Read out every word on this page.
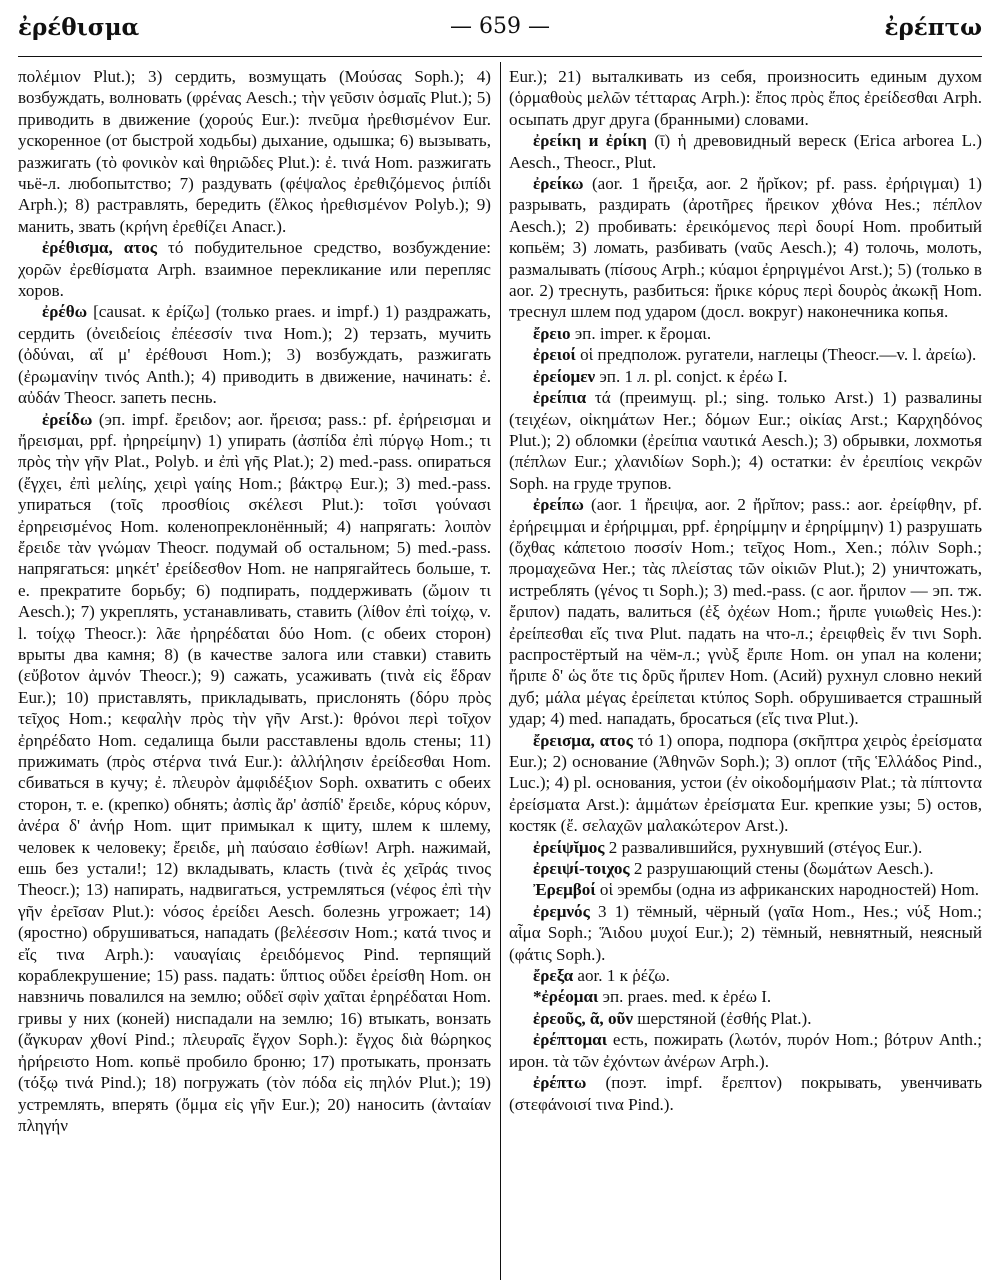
ἐρέθισμα	— 659 —	ἐρέπτω

πολέμιον Plut.); 3) сердить, возмущать (Μούσας Soph.); 4) возбуждать, волновать (φρένας Aesch.; τὴν γεῦσιν ὀσμαῖς Plut.); 5) приводить в движение (χορούς Eur.): πνεῦμα ἠρεθισμένον Eur. ускоренное (от быстрой ходьбы) дыхание, одышка; 6) вызывать, разжигать (τὸ φονικὸν καὶ θηριῶδες Plut.): ἐ. τινά Hom. разжигать чьё-л. любопытство; 7) раздувать (φέψαλος ἐρεθιζόμενος ῥιπίδι Arph.); 8) растравлять, бередить (ἕλκος ἠρεθισμένον Polyb.); 9) манить, звать (κρήνη ἐρεθίζει Anacr.).

ἐρέθισμα, ατος τό побудительное средство, возбуждение: χορῶν ἐρεθίσματα Arph. взаимное перекликание или перепляс хоров.

ἐρέθω [causat. к ἐρίζω] (только praes. и impf.) 1) раздражать, сердить (ὀνειδείοις ἐπέεσσίν τινα Hom.); 2) терзать, мучить (ὀδύναι, αἵ μ' ἐρέθουσι Hom.); 3) возбуждать, разжигать (ἐρωμανίην τινός Anth.); 4) приводить в движение, начинать: ἐ. αὐδάν Theocr. запеть песнь.

ἐρείδω (эп. impf. ἔρειδον; aor. ἤρεισα; pass.: pf. ἐρήρεισμαι и ἤρεισμαι, ppf. ἠρηρείμην) 1) упирать (ἀσπίδα ἐπὶ πύργῳ Hom.; τι πρὸς τὴν γῆν Plat., Polyb. и ἐπὶ γῆς Plat.); 2) med.-pass. опираться (ἔγχει, ἐπὶ μελίης, χειρὶ γαίης Hom.; βάκτρῳ Eur.); 3) med.-pass. упираться (τοῖς προσθίοις σκέλεσι Plut.): τοῖσι γούνασι ἐρηρεισμένος Hom. коленопреклонённый; 4) напрягать: λοιπὸν ἔρειδε τὰν γνώμαν Theocr. подумай об остальном; 5) med.-pass. напрягаться: μηκέτ' ἐρείδεσθον Hom. не напрягайтесь больше, т. е. прекратите борьбу; 6) подпирать, поддерживать (ὤμοιν τι Aesch.); 7) укреплять, устанавливать, ставить (λίθον ἐπὶ τοίχῳ, v. l. τοίχῳ Theocr.): λᾶε ἠρηρέδαται δύο Hom. (с обеих сторон) врыты два камня; 8) (в качестве залога или ставки) ставить (εὔβοτον ἀμνόν Theocr.); 9) сажать, усаживать (τινὰ εἰς ἕδραν Eur.); 10) приставлять, прикладывать, прислонять (δόρυ πρὸς τεῖχος Hom.; κεφαλὴν πρὸς τὴν γῆν Arst.): θρόνοι περὶ τοῖχον ἐρηρέδατο Hom. седалища были расставлены вдоль стены; 11) прижимать (πρὸς στέρνα τινά Eur.): ἀλλήλησιν ἐρείδεσθαι Hom. сбиваться в кучу; ἐ. πλευρὸν ἀμφιδέξιον Soph. охватить с обеих сторон, т. е. (крепко) обнять; ἀσπὶς ἄρ' ἀσπίδ' ἔρειδε, κόρυς κόρυν, ἀνέρα δ' ἀνήρ Hom. щит примыкал к щиту, шлем к шлему, человек к человеку; ἔρειδε, μὴ παύσαιο ἐσθίων! Arph. нажимай, ешь без устали!; 12) вкладывать, класть (τινὰ ἐς χεῖράς τινος Theocr.); 13) напирать, надвигаться, устремляться (νέφος ἐπὶ τὴν γῆν ἐρεῖσαν Plut.): νόσος ἐρείδει Aesch. болезнь угрожает; 14) (яростно) обрушиваться, нападать (βελέεσσιν Hom.; κατά τινος и εἴς τινα Arph.): ναυαγίαις ἐρειδόμενος Pind. терпящий кораблекрушение; 15) pass. падать: ὕπτιος οὔδει ἐρείσθη Hom. он навзничь повалился на землю; οὔδεϊ σφὶν χαῖται ἐρηρέδαται Hom. гривы у них (коней) ниспадали на землю; 16) втыкать, вонзать (ἄγκυραν χθονί Pind.; πλευραῖς ἔγχον Soph.): ἔγχος διὰ θώρηκος ἠρήρειστο Hom. копьё пробило броню; 17) протыкать, пронзать (τόξῳ τινά Pind.); 18) погружать (τὸν πόδα εἰς πηλόν Plut.); 19) устремлять, вперять (ὄμμα εἰς γῆν Eur.); 20) наносить (ἀνταίαν πληγήν

Eur.); 21) выталкивать из себя, произносить единым духом (ὁρμαθοὺς μελῶν τέτταρας Arph.): ἔπος πρὸς ἔπος ἐρείδεσθαι Arph. осыпать друг друга (бранными) словами.

ἐρείκη и ἐρίκη (ῑ) ἡ древовидный вереск (Erica arborea L.) Aesch., Theocr., Plut.

ἐρείκω (aor. 1 ἤρειξα, aor. 2 ἤρῐκον; pf. pass. ἐρήριγμαι) 1) разрывать, раздирать (ἀροτῆρες ἤρεικον χθόνα Hes.; πέπλον Aesch.); 2) пробивать: ἐρεικόμενος περὶ δουρί Hom. пробитый копьём; 3) ломать, разбивать (ναῦς Aesch.); 4) толочь, молоть, размалывать (πίσους Arph.; κύαμοι ἐρηριγμένοι Arst.); 5) (только в aor. 2) треснуть, разбиться: ἤρικε κόρυς περὶ δουρὸς ἀκωκῇ Hom. треснул шлем под ударом (досл. вокруг) наконечника копья.

ἔρειο эп. imper. к ἔρομαι.

ἐρειοί οἱ предполож. ругатели, наглецы (Theocr.—v. l. ἀρείω).

ἐρείομεν эп. 1 л. pl. conjct. к ἐρέω I.

ἐρείπια τά (преимущ. pl.; sing. только Arst.) 1) развалины (τειχέων, οἰκημάτων Her.; δόμων Eur.; οἰκίας Arst.; Καρχηδόνος Plut.); 2) обломки (ἐρείπια ναυτικά Aesch.); 3) обрывки, лохмотья (πέπλων Eur.; χλανιδίων Soph.); 4) остатки: ἐν ἐρειπίοις νεκρῶν Soph. на груде трупов.

ἐρείπω (aor. 1 ἤρειψα, aor. 2 ἤρῐπον; pass.: aor. ἐρείφθην, pf. ἐρήρειμμαι и ἐρήριμμαι, ppf. ἐρηρίμμην и ἐρηρίμμην) 1) разрушать (ὄχθας κάπετοιο ποσσίν Hom.; τεῖχος Hom., Xen.; πόλιν Soph.; προμαχεῶνα Her.; τὰς πλείστας τῶν οἰκιῶν Plut.); 2) уничтожать, истреблять (γένος τι Soph.); 3) med.-pass. (с aor. ἤριπον — эп. тж. ἔριπον) падать, валиться (ἐξ ὀχέων Hom.; ἤριπε γυιωθεὶς Hes.): ἐρείπεσθαι εἴς τινα Plut. падать на что-л.; ἐρειφθεὶς ἔν τινι Soph. распростёртый на чём-л.; γνὺξ ἔριπε Hom. он упал на колени; ἤριπε δ' ὡς ὅτε τις δρῦς ἤριπεν Hom. (Асий) рухнул словно некий дуб; μάλα μέγας ἐρείπεται κτύπος Soph. обрушивается страшный удар; 4) med. нападать, бросаться (εἴς τινα Plut.).

ἔρεισμα, ατος τό 1) опора, подпора (σκῆπτρα χειρὸς ἐρείσματα Eur.); 2) основание (Ἀθηνῶν Soph.); 3) оплот (τῆς Ἑλλάδος Pind., Luc.); 4) pl. основания, устои (ἐν οἰκοδομήμασιν Plat.; τὰ πίπτοντα ἐρείσματα Arst.): ἁμμάτων ἐρείσματα Eur. крепкие узы; 5) остов, костяк (ἔ. σελαχῶν μαλακώτερον Arst.).

ἐρείψῐμος 2 развалившийся, рухнувший (στέγος Eur.).

ἐρειψί-τοιχος 2 разрушающий стены (δωμάτων Aesch.).

Ἐρεμβοί οἱ эрембы (одна из африканских народностей) Hom.

ἐρεμνός 3 1) тёмный, чёрный (γαῖα Hom., Hes.; νύξ Hom.; αἷμα Soph.; Ἅιδου μυχοί Eur.); 2) тёмный, невнятный, неясный (φάτις Soph.).

ἔρεξα aor. 1 к ῥέζω.

*ἐρέομαι эп. praes. med. к ἐρέω I.

ἐρεοῦς, ᾶ, οῦν шерстяной (ἐσθής Plat.).

ἐρέπτομαι есть, пожирать (λωτόν, πυρόν Hom.; βότρυν Anth.; ирон. τὰ τῶν ἐχόντων ἀνέρων Arph.).

ἐρέπτω (поэт. impf. ἔρεπτον) покрывать, увенчивать (στεφάνοισί τινα Pind.).
